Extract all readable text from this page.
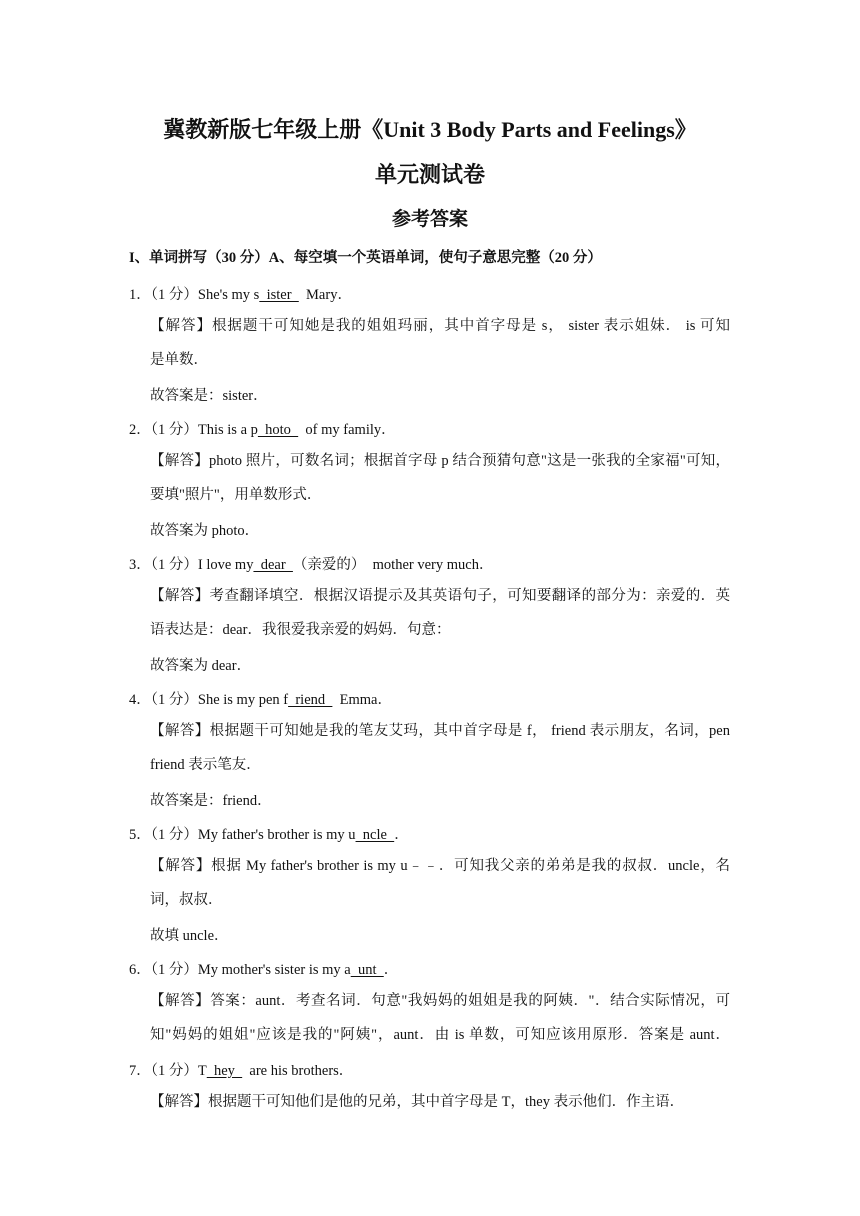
冀教新版七年级上册《Unit 3 Body Parts and Feelings》
单元测试卷
参考答案
I、单词拼写（30 分）A、每空填一个英语单词，使句子意思完整（20 分）
1．（1 分）She's my s  ister    Mary．
【解答】根据题干可知她是我的姐姐玛丽，其中首字母是 s， sister 表示姐妹． is 可知
是单数．
故答案是：sister．
2．（1 分）This is a p  hoto    of my family．
【解答】photo 照片，可数名词；根据首字母 p 结合预猜句意"这是一张我的全家福"可知，
要填"照片"，用单数形式．
故答案为 photo．
3．（1 分）I love my  dear  （亲爱的）  mother very much．
【解答】考查翻译填空．根据汉语提示及其英语句子，可知要翻译的部分为：亲爱的．英
语表达是：dear．我很爱我亲爱的妈妈．句意：
故答案为 dear．
4．（1 分）She is my pen f  riend    Emma．
【解答】根据题干可知她是我的笔友艾玛，其中首字母是 f， friend 表示朋友，名词，pen
friend 表示笔友．
故答案是：friend．
5．（1 分）My father's brother is my u  ncle  ．
【解答】根据 My father's brother is my u﹣﹣．可知我父亲的弟弟是我的叔叔．uncle，名
词，叔叔．
故填 uncle．
6．（1 分）My mother's sister is my a  unt  ．
【解答】答案：aunt．考查名词．句意"我妈妈的姐姐是我的阿姨．"．结合实际情况，可
知"妈妈的姐姐"应该是我的"阿姨"，aunt．由 is 单数，可知应该用原形．答案是 aunt．
7．（1 分）T  hey    are his brothers．
【解答】根据题干可知他们是他的兄弟，其中首字母是 T，they 表示他们．作主语．
